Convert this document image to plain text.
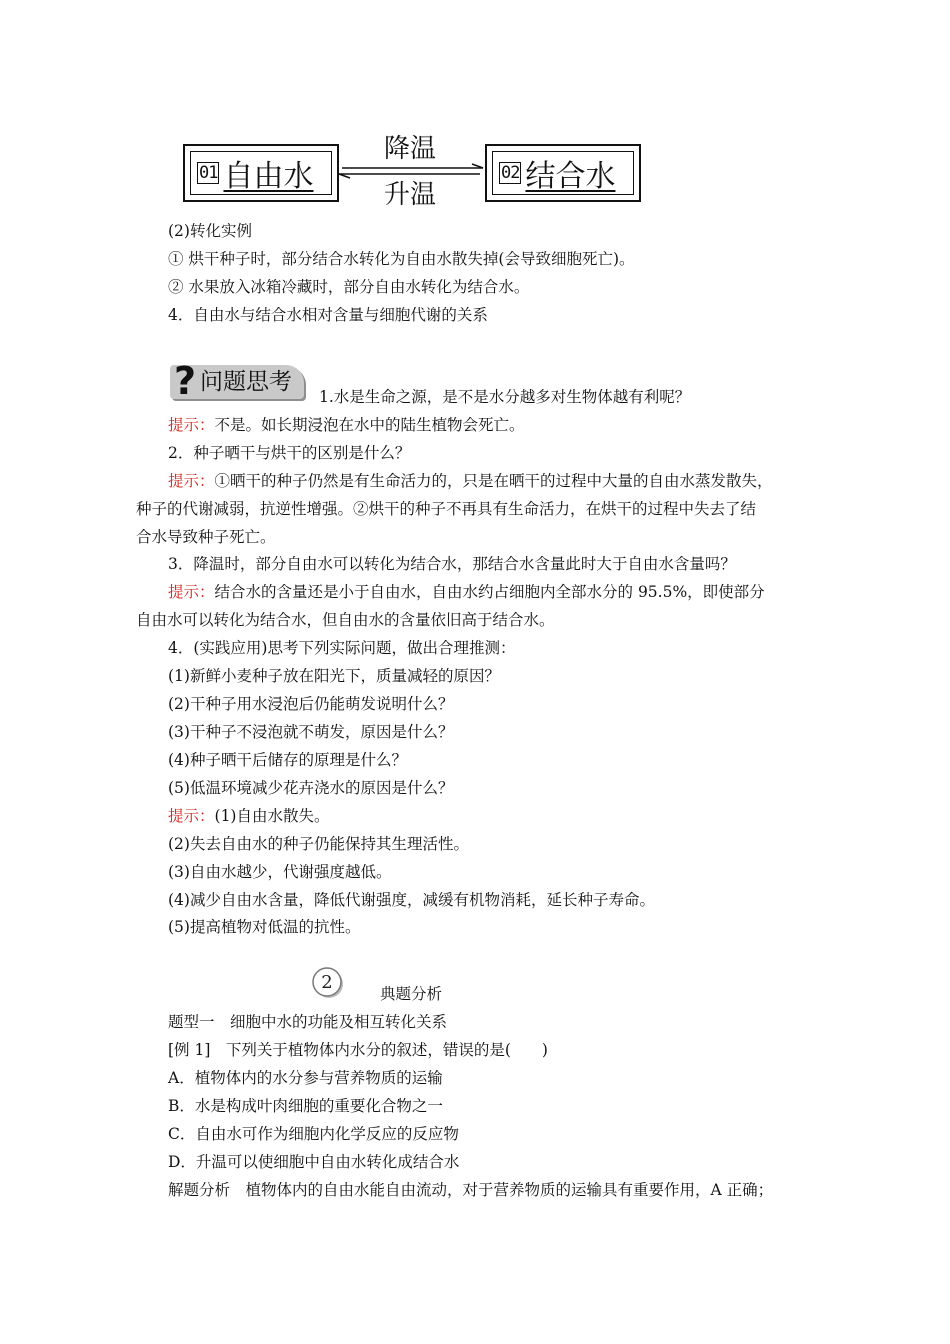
01 自由水
降温
升温
02 结合水
(2)转化实例
① 烘干种子时，部分结合水转化为自由水散失掉(会导致细胞死亡)。
② 水果放入冰箱冷藏时，部分自由水转化为结合水。
4．自由水与结合水相对含量与细胞代谢的关系
? 问题思考
1.水是生命之源，是不是水分越多对生物体越有利呢？
提示：不是。如长期浸泡在水中的陆生植物会死亡。
2．种子晒干与烘干的区别是什么？
提示：①晒干的种子仍然是有生命活力的，只是在晒干的过程中大量的自由水蒸发散失，
种子的代谢减弱，抗逆性增强。②烘干的种子不再具有生命活力，在烘干的过程中失去了结
合水导致种子死亡。
3．降温时，部分自由水可以转化为结合水，那结合水含量此时大于自由水含量吗？
提示：结合水的含量还是小于自由水，自由水约占细胞内全部水分的 95.5%，即使部分
自由水可以转化为结合水，但自由水的含量依旧高于结合水。
4．(实践应用)思考下列实际问题，做出合理推测：
(1)新鲜小麦种子放在阳光下，质量减轻的原因？
(2)干种子用水浸泡后仍能萌发说明什么？
(3)干种子不浸泡就不萌发，原因是什么？
(4)种子晒干后储存的原理是什么？
(5)低温环境减少花卉浇水的原因是什么？
提示：(1)自由水散失。
(2)失去自由水的种子仍能保持其生理活性。
(3)自由水越少，代谢强度越低。
(4)减少自由水含量，降低代谢强度，减缓有机物消耗，延长种子寿命。
(5)提高植物对低温的抗性。
2
典题分析
题型一　细胞中水的功能及相互转化关系
[例 1]　下列关于植物体内水分的叙述，错误的是(　　)
A．植物体内的水分参与营养物质的运输
B．水是构成叶肉细胞的重要化合物之一
C．自由水可作为细胞内化学反应的反应物
D．升温可以使细胞中自由水转化成结合水
解题分析　植物体内的自由水能自由流动，对于营养物质的运输具有重要作用，A 正确；
